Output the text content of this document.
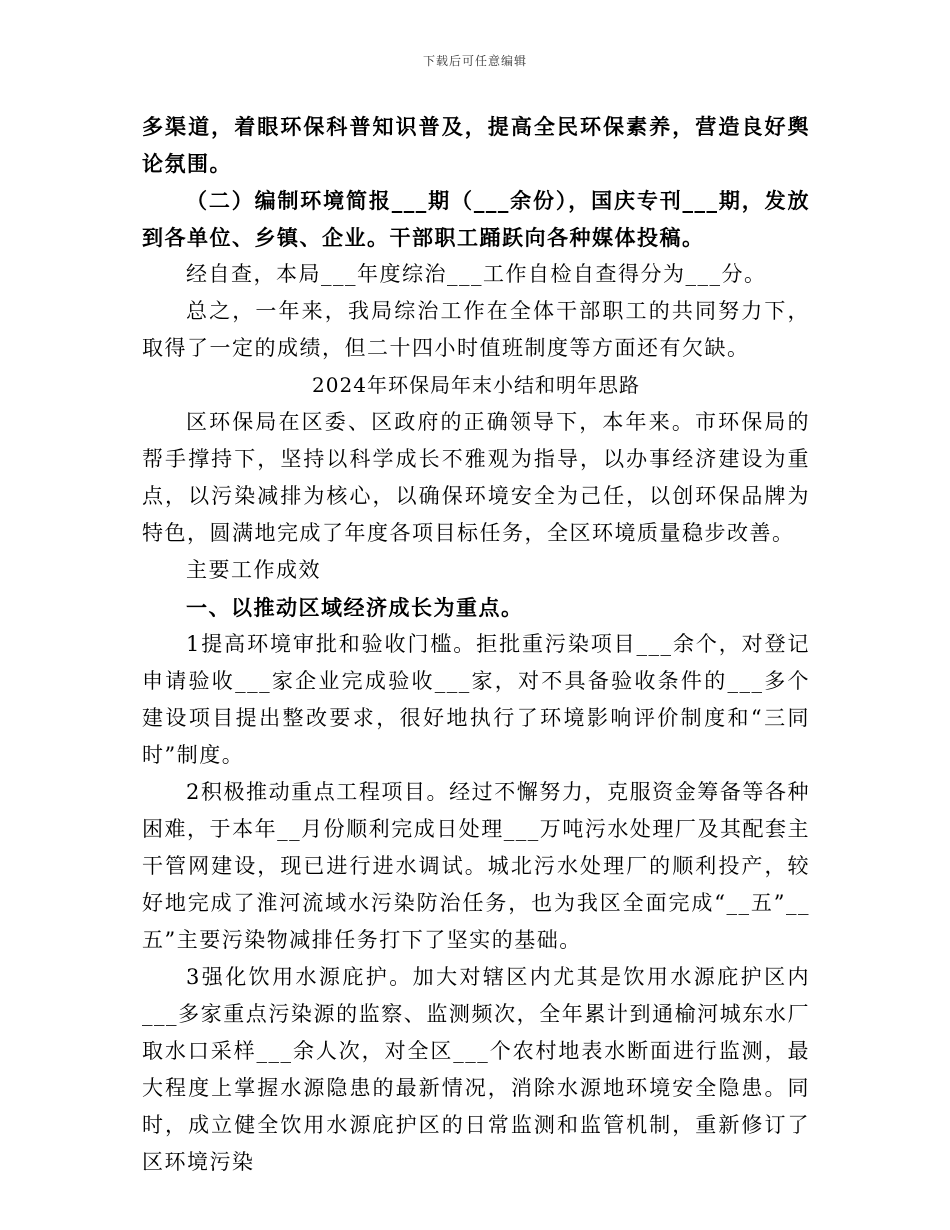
下载后可任意编辑

多渠道，着眼环保科普知识普及，提高全民环保素养，营造良好舆论氛围。

（二）编制环境简报___期（___余份），国庆专刊___期，发放到各单位、乡镇、企业。干部职工踊跃向各种媒体投稿。

经自查，本局___年度综治___工作自检自查得分为___分。

总之，一年来，我局综治工作在全体干部职工的共同努力下，取得了一定的成绩，但二十四小时值班制度等方面还有欠缺。

2024年环保局年末小结和明年思路

区环保局在区委、区政府的正确领导下，本年来。市环保局的帮手撑持下，坚持以科学成长不雅观为指导，以办事经济建设为重点，以污染减排为核心，以确保环境安全为己任，以创环保品牌为特色，圆满地完成了年度各项目标任务，全区环境质量稳步改善。

主要工作成效

一、以推动区域经济成长为重点。

1提高环境审批和验收门槛。拒批重污染项目___余个，对登记申请验收___家企业完成验收___家，对不具备验收条件的___多个建设项目提出整改要求，很好地执行了环境影响评价制度和“三同时”制度。

2积极推动重点工程项目。经过不懈努力，克服资金筹备等各种困难，于本年__月份顺利完成日处理___万吨污水处理厂及其配套主干管网建设，现已进行进水调试。城北污水处理厂的顺利投产，较好地完成了淮河流域水污染防治任务，也为我区全面完成“__五”__五”主要污染物减排任务打下了坚实的基础。

3强化饮用水源庇护。加大对辖区内尤其是饮用水源庇护区内___多家重点污染源的监察、监测频次，全年累计到通榆河城东水厂取水口采样___余人次，对全区___个农村地表水断面进行监测，最大程度上掌握水源隐患的最新情况，消除水源地环境安全隐患。同时，成立健全饮用水源庇护区的日常监测和监管机制，重新修订了区环境污染
